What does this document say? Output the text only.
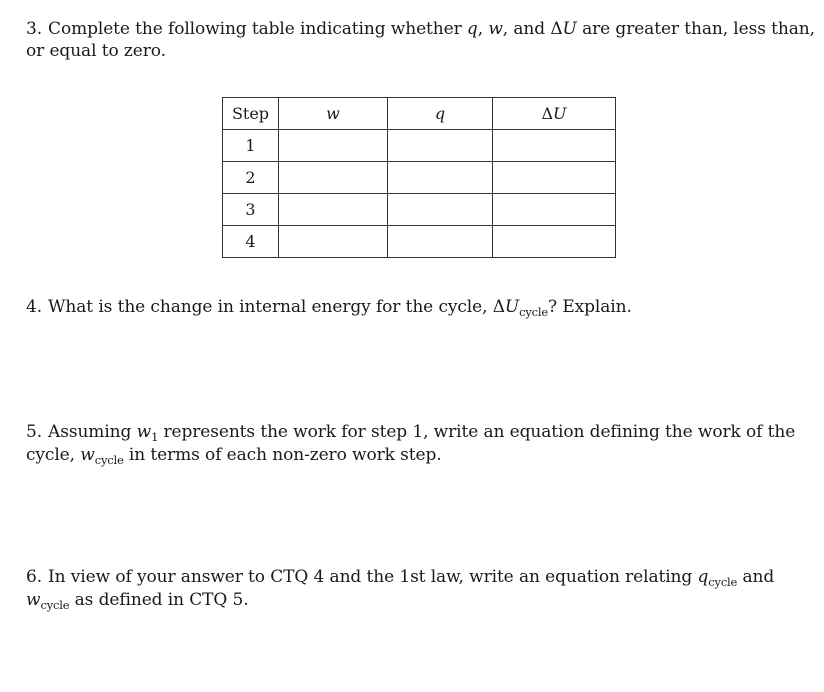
3. Complete the following table indicating whether q, w, and ΔU are greater than, less than, or equal to zero.
Step	w	q	ΔU
1			
2			
3			
4			
4. What is the change in internal energy for the cycle, $\Delta U_{cycle}$? Explain.
5. Assuming $w_1$ represents the work for step 1, write an equation defining the work of the cycle, $w_{cycle}$ in terms of each non-zero work step.
6. In view of your answer to CTQ 4 and the 1st law, write an equation relating $q_{cycle}$ and $w_{cycle}$ as defined in CTQ 5.
